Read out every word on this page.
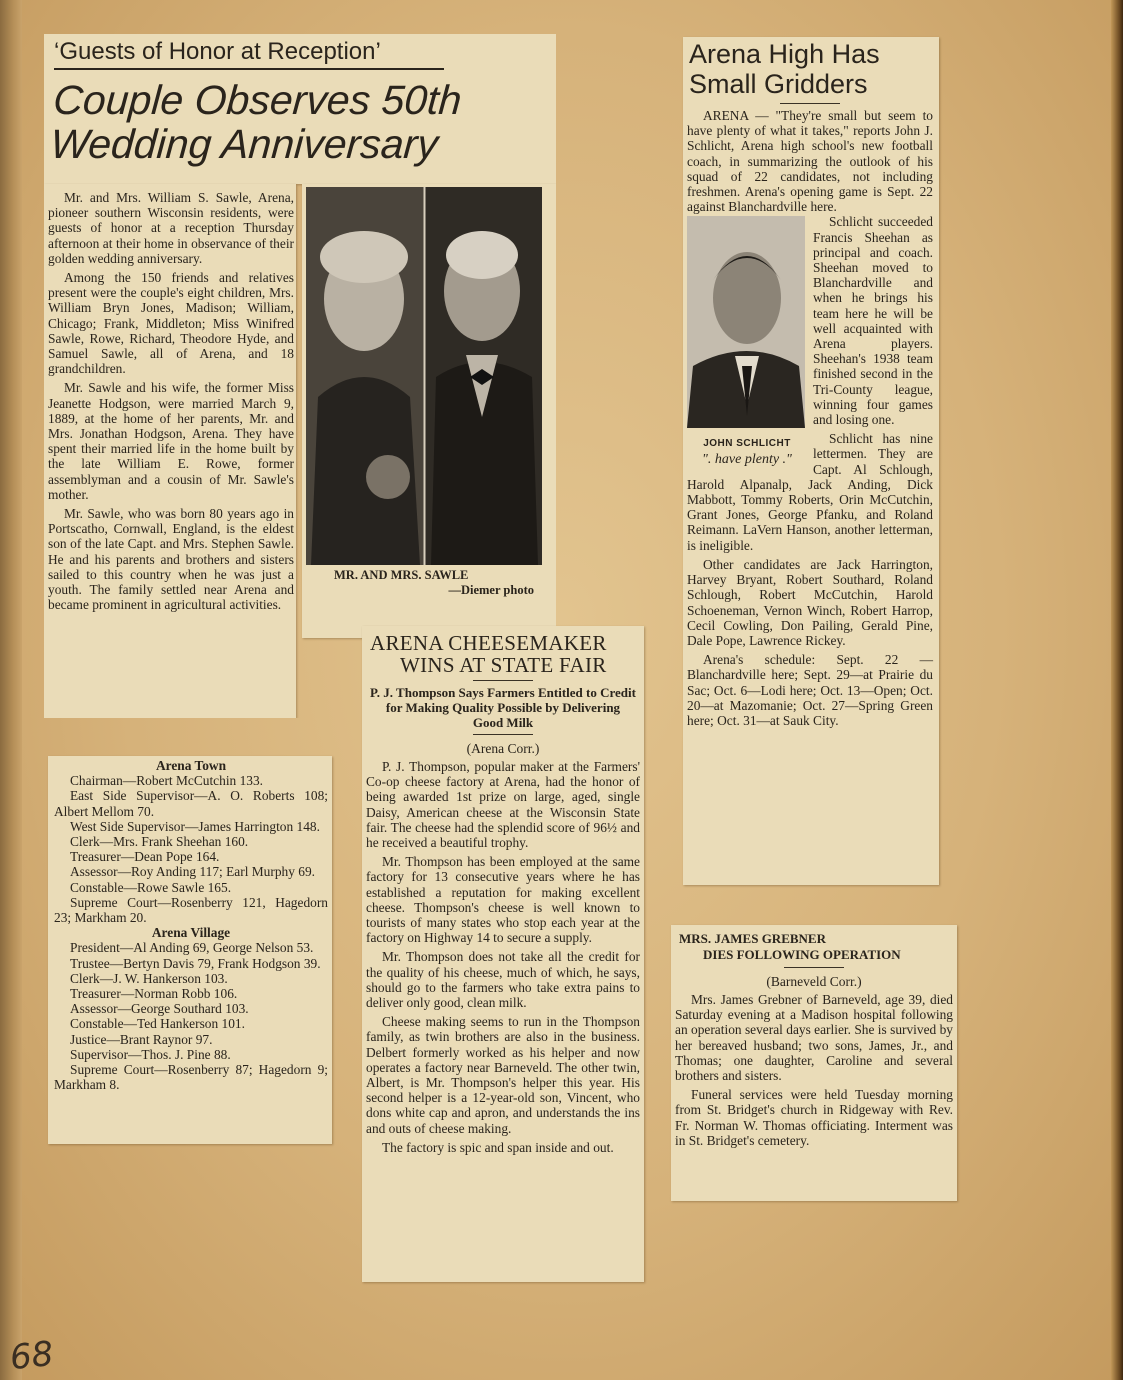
‘Guests of Honor at Reception’
Couple Observes 50th
Wedding Anniversary

Mr. and Mrs. William S. Sawle, Arena, pioneer southern Wisconsin residents, were guests of honor at a reception Thursday afternoon at their home in observance of their golden wedding anniversary.

Among the 150 friends and relatives present were the couple's eight children, Mrs. William Bryn Jones, Madison; William, Chicago; Frank, Middleton; Miss Winifred Sawle, Rowe, Richard, Theodore Hyde, and Samuel Sawle, all of Arena, and 18 grandchildren.

Mr. Sawle and his wife, the former Miss Jeanette Hodgson, were married March 9, 1889, at the home of her parents, Mr. and Mrs. Jonathan Hodgson, Arena. They have spent their married life in the home built by the late William E. Rowe, former assemblyman and a cousin of Mr. Sawle's mother.

Mr. Sawle, who was born 80 years ago in Portscatho, Cornwall, England, is the eldest son of the late Capt. and Mrs. Stephen Sawle. He and his parents and brothers and sisters sailed to this country when he was just a youth. The family settled near Arena and became prominent in agricultural activities.

MR. AND MRS. SAWLE
—Diemer photo
Arena High Has
Small Gridders

ARENA — "They're small but seem to have plenty of what it takes," reports John J. Schlicht, Arena high school's new football coach, in summarizing the outlook of his squad of 22 candidates, not including freshmen. Arena's opening game is Sept. 22 against Blanchardville here.

JOHN SCHLICHT
". have plenty ."

Schlicht succeeded Francis Sheehan as principal and coach. Sheehan moved to Blanchardville and when he brings his team here he will be well acquainted with Arena players. Sheehan's 1938 team finished second in the Tri-County league, winning four games and losing one.

Schlicht has nine lettermen. They are Capt. Al Schlough, Harold Alpanalp, Jack Anding, Dick Mabbott, Tommy Roberts, Orin McCutchin, Grant Jones, George Pfanku, and Roland Reimann. LaVern Hanson, another letterman, is ineligible.

Other candidates are Jack Harrington, Harvey Bryant, Robert Southard, Roland Schlough, Robert McCutchin, Harold Schoeneman, Vernon Winch, Robert Harrop, Cecil Cowling, Don Pailing, Gerald Pine, Dale Pope, Lawrence Rickey.

Arena's schedule: Sept. 22 — Blanchardville here; Sept. 29—at Prairie du Sac; Oct. 6—Lodi here; Oct. 13—Open; Oct. 20—at Mazomanie; Oct. 27—Spring Green here; Oct. 31—at Sauk City.

ARENA CHEESEMAKER
WINS AT STATE FAIR
P. J. Thompson Says Farmers Entitled to Credit for Making Quality Possible by Delivering Good Milk
(Arena Corr.)

P. J. Thompson, popular maker at the Farmers' Co-op cheese factory at Arena, had the honor of being awarded 1st prize on large, aged, single Daisy, American cheese at the Wisconsin State fair. The cheese had the splendid score of 96½ and he received a beautiful trophy.

Mr. Thompson has been employed at the same factory for 13 consecutive years where he has established a reputation for making excellent cheese. Thompson's cheese is well known to tourists of many states who stop each year at the factory on Highway 14 to secure a supply.

Mr. Thompson does not take all the credit for the quality of his cheese, much of which, he says, should go to the farmers who take extra pains to deliver only good, clean milk.

Cheese making seems to run in the Thompson family, as twin brothers are also in the business. Delbert formerly worked as his helper and now operates a factory near Barneveld. The other twin, Albert, is Mr. Thompson's helper this year. His second helper is a 12-year-old son, Vincent, who dons white cap and apron, and understands the ins and outs of cheese making.

The factory is spic and span inside and out.

Arena Town

Chairman—Robert McCutchin 133.

East Side Supervisor—A. O. Roberts 108; Albert Mellom 70.

West Side Supervisor—James Harrington 148.

Clerk—Mrs. Frank Sheehan 160.

Treasurer—Dean Pope 164.

Assessor—Roy Anding 117; Earl Murphy 69.

Constable—Rowe Sawle 165.

Supreme Court—Rosenberry 121, Hagedorn 23; Markham 20.

Arena Village

President—Al Anding 69, George Nelson 53.

Trustee—Bertyn Davis 79, Frank Hodgson 39.

Clerk—J. W. Hankerson 103.

Treasurer—Norman Robb 106.

Assessor—George Southard 103.

Constable—Ted Hankerson 101.

Justice—Brant Raynor 97.

Supervisor—Thos. J. Pine 88.

Supreme Court—Rosenberry 87; Hagedorn 9; Markham 8.

MRS. JAMES GREBNER
DIES FOLLOWING OPERATION
(Barneveld Corr.)

Mrs. James Grebner of Barneveld, age 39, died Saturday evening at a Madison hospital following an operation several days earlier. She is survived by her bereaved husband; two sons, James, Jr., and Thomas; one daughter, Caroline and several brothers and sisters.

Funeral services were held Tuesday morning from St. Bridget's church in Ridgeway with Rev. Fr. Norman W. Thomas officiating. Interment was in St. Bridget's cemetery.

68
